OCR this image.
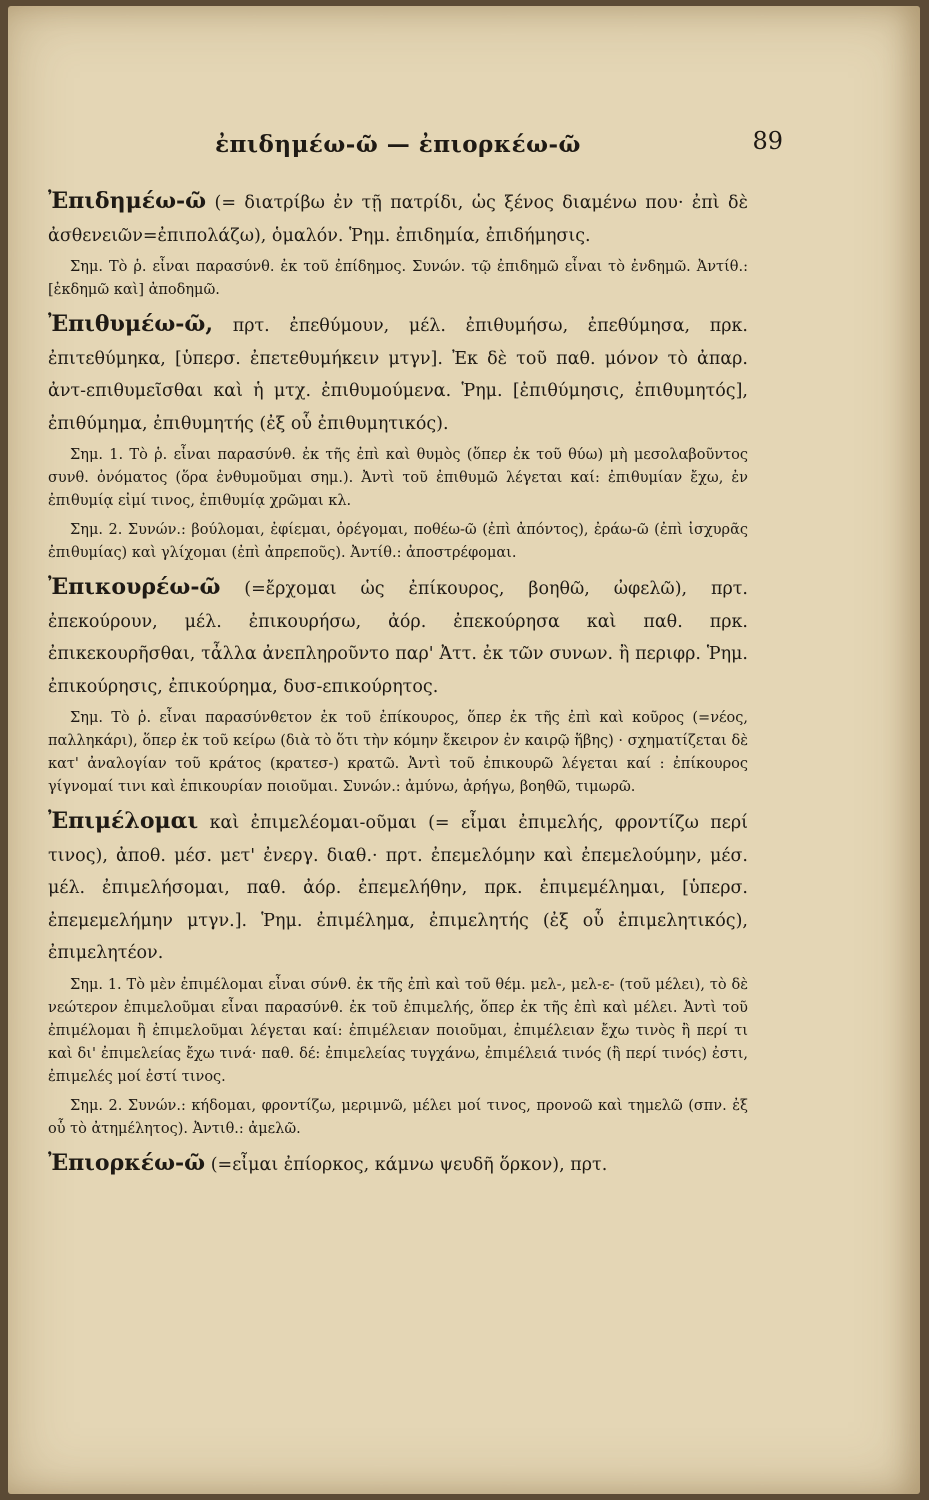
ἐπιδημέω-ῶ — ἐπιορκέω-ῶ	89

Ἐπιδημέω-ῶ (= διατρίβω ἐν τῇ πατρίδι, ὡς ξένος διαμένω που· ἐπὶ δὲ ἀσθενειῶν=ἐπιπολάζω), ὁμαλόν. Ῥημ. ἐπιδημία, ἐπιδήμησις.

Σημ. Τὸ ῥ. εἶναι παρασύνθ. ἐκ τοῦ ἐπίδημος. Συνών. τῷ ἐπιδημῶ εἶναι τὸ ἐνδημῶ. Ἀντίθ.: [ἐκδημῶ καὶ] ἀποδημῶ.

Ἐπιθυμέω-ῶ, πρτ. ἐπεθύμουν, μέλ. ἐπιθυμήσω, ἐπεθύμησα, πρκ. ἐπιτεθύμηκα, [ὑπερσ. ἐπετεθυμήκειν μτγν]. Ἐκ δὲ τοῦ παθ. μόνον τὸ ἀπαρ. ἀντ-επιθυμεῖσθαι καὶ ἡ μτχ. ἐπιθυμούμενα. Ῥημ. [ἐπιθύμησις, ἐπιθυμητός], ἐπιθύμημα, ἐπιθυμητής (ἐξ οὗ ἐπιθυμητικός).

Σημ. 1. Τὸ ῥ. εἶναι παρασύνθ. ἐκ τῆς ἐπὶ καὶ θυμὸς (ὅπερ ἐκ τοῦ θύω) μὴ μεσολαβοῦντος συνθ. ὀνόματος (ὅρα ἐνθυμοῦμαι σημ.). Ἀντὶ τοῦ ἐπιθυμῶ λέγεται καί: ἐπιθυμίαν ἔχω, ἐν ἐπιθυμίᾳ εἰμί τινος, ἐπιθυμίᾳ χρῶμαι κλ.

Σημ. 2. Συνών.: βούλομαι, ἐφίεμαι, ὀρέγομαι, ποθέω-ῶ (ἐπὶ ἀπόντος), ἐράω-ῶ (ἐπὶ ἰσχυρᾶς ἐπιθυμίας) καὶ γλίχομαι (ἐπὶ ἀπρεποῦς). Ἀντίθ.: ἀποστρέφομαι.

Ἐπικουρέω-ῶ (=ἔρχομαι ὡς ἐπίκουρος, βοηθῶ, ὠφελῶ), πρτ. ἐπεκούρουν, μέλ. ἐπικουρήσω, ἀόρ. ἐπεκούρησα καὶ παθ. πρκ. ἐπικεκουρῆσθαι, τἆλλα ἀνεπληροῦντο παρ' Ἀττ. ἐκ τῶν συνων. ἢ περιφρ. Ῥημ. ἐπικούρησις, ἐπικούρημα, δυσ-επικούρητος.

Σημ. Τὸ ῥ. εἶναι παρασύνθετον ἐκ τοῦ ἐπίκουρος, ὅπερ ἐκ τῆς ἐπὶ καὶ κοῦρος (=νέος, παλληκάρι), ὅπερ ἐκ τοῦ κείρω (διὰ τὸ ὅτι τὴν κόμην ἔκειρον ἐν καιρῷ ἥβης) · σχηματίζεται δὲ κατ' ἀναλογίαν τοῦ κράτος (κρατεσ-) κρατῶ. Ἀντὶ τοῦ ἐπικουρῶ λέγεται καί : ἐπίκουρος γίγνομαί τινι καὶ ἐπικουρίαν ποιοῦμαι. Συνών.: ἀμύνω, ἀρήγω, βοηθῶ, τιμωρῶ.

Ἐπιμέλομαι καὶ ἐπιμελέομαι-οῦμαι (= εἶμαι ἐπιμελής, φροντίζω περί τινος), ἀποθ. μέσ. μετ' ἐνεργ. διαθ.· πρτ. ἐπεμελόμην καὶ ἐπεμελούμην, μέσ. μέλ. ἐπιμελήσομαι, παθ. ἀόρ. ἐπεμελήθην, πρκ. ἐπιμεμέλημαι, [ὑπερσ. ἐπεμεμελήμην μτγν.]. Ῥημ. ἐπιμέλημα, ἐπιμελητής (ἐξ οὗ ἐπιμελητικός), ἐπιμελητέον.

Σημ. 1. Τὸ μὲν ἐπιμέλομαι εἶναι σύνθ. ἐκ τῆς ἐπὶ καὶ τοῦ θέμ. μελ-, μελ-ε- (τοῦ μέλει), τὸ δὲ νεώτερον ἐπιμελοῦμαι εἶναι παρασύνθ. ἐκ τοῦ ἐπιμελής, ὅπερ ἐκ τῆς ἐπὶ καὶ μέλει. Ἀντὶ τοῦ ἐπιμέλομαι ἢ ἐπιμελοῦμαι λέγεται καί: ἐπιμέλειαν ποιοῦμαι, ἐπιμέλειαν ἔχω τινὸς ἢ περί τι καὶ δι' ἐπιμελείας ἔχω τινά· παθ. δέ: ἐπιμελείας τυγχάνω, ἐπιμέλειά τινός (ἢ περί τινός) ἐστι, ἐπιμελές μοί ἐστί τινος.

Σημ. 2. Συνών.: κήδομαι, φροντίζω, μεριμνῶ, μέλει μοί τινος, προνοῶ καὶ τημελῶ (σπν. ἐξ οὗ τὸ ἀτημέλητος). Ἀντιθ.: ἀμελῶ.

Ἐπιορκέω-ῶ (=εἶμαι ἐπίορκος, κάμνω ψευδῆ ὅρκον), πρτ.
